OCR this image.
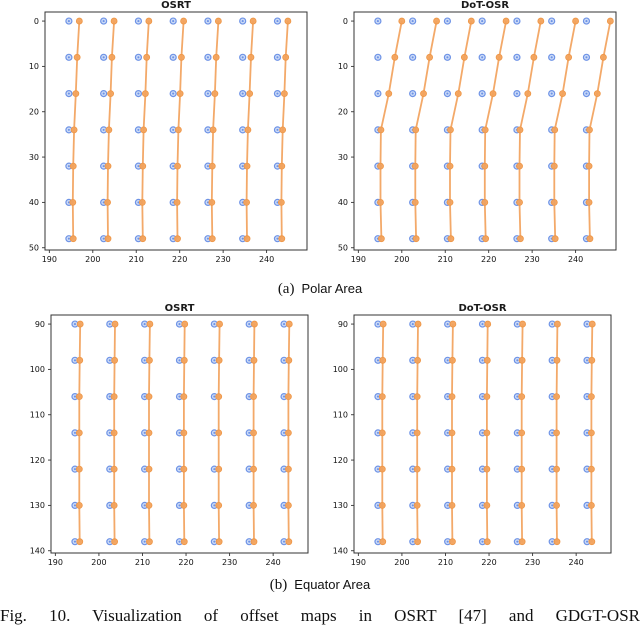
OSRT
190	200	210	220	230	240
0
10
20
30
40
50
DoT-OSR
190	200	210	220	230	240
0
10
20
30
40
50
(a) Polar Area
OSRT
190	200	210	220	230	240
90
100
110
120
130
140
DoT-OSR
190	200	210	220	230	240
90
100
110
120
130
140
(b) Equator Area
Fig. 10. Visualization of offset maps in OSRT [47] and GDGT-OSR
